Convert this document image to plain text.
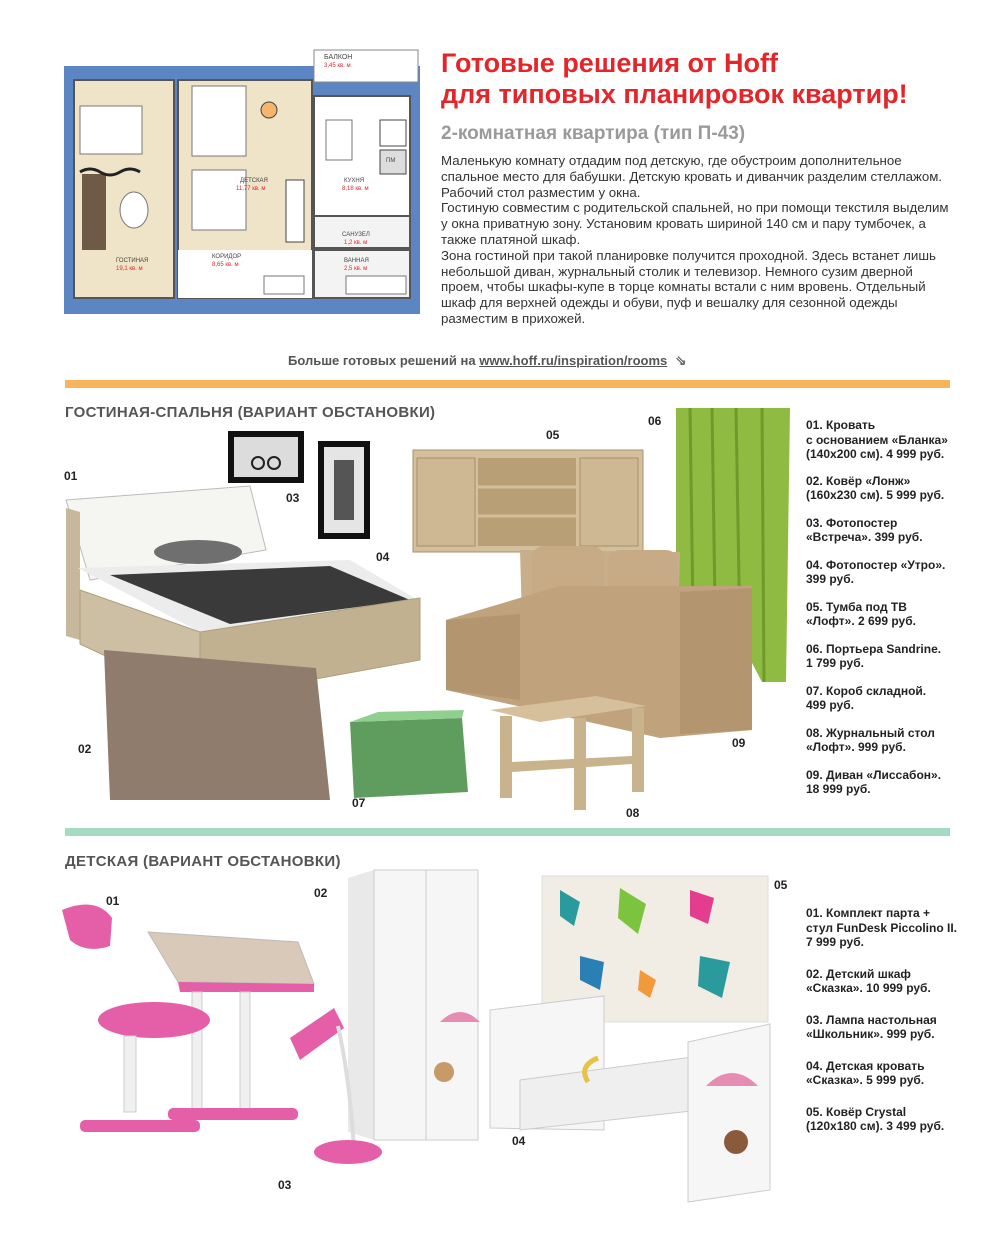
БАЛКОН
3,45 кв. м
ДЕТСКАЯ
11,77 кв. м
КУХНЯ
8,18 кв. м
ПМ
ГОСТИНАЯ
19,1 кв. м
КОРИДОР
8,65 кв. м
САНУЗЕЛ
1,2 кв. м
ВАННАЯ
2,5 кв. м
Готовые решения от Hoff
для типовых планировок квартир!
2-комнатная квартира (тип П-43)

Маленькую комнату отдадим под детскую, где обустроим дополнительное спальное место для бабушки. Детскую кровать и диванчик разделим стеллажом. Рабочий стол разместим у окна.

Гостиную совместим с родительской спальней, но при помощи текстиля выделим у окна приватную зону. Установим кровать шириной 140 см и пару тумбочек, а также платяной шкаф.

Зона гостиной при такой планировке получится проходной. Здесь встанет лишь небольшой диван, журнальный столик и телевизор. Немного сузим дверной проем, чтобы шкафы-купе в торце комнаты встали с ним вровень. Отдельный шкаф для верхней одежды и обуви, пуф и вешалку для сезонной одежды разместим в прихожей.

Больше готовых решений на www.hoff.ru/inspiration/rooms ⇘
ГОСТИНАЯ-СПАЛЬНЯ (ВАРИАНТ ОБСТАНОВКИ)
01
02
03
04
05
06
07
08
09
01. Кровать
с основанием «Бланка»
(140x200 см). 4 999 руб.
02. Ковёр «Лонж»
(160x230 см). 5 999 руб.
03. Фотопостер
«Встреча». 399 руб.
04. Фотопостер «Утро».
399 руб.
05. Тумба под ТВ
«Лофт». 2 699 руб.
06. Портьера Sandrine.
1 799 руб.
07. Короб складной.
499 руб.
08. Журнальный стол
«Лофт». 999 руб.
09. Диван «Лиссабон».
18 999 руб.
ДЕТСКАЯ (ВАРИАНТ ОБСТАНОВКИ)
01
02
03
04
05
01. Комплект парта +
стул FunDesk Piccolino II.
7 999 руб.
02. Детский шкаф
«Сказка». 10 999 руб.
03. Лампа настольная
«Школьник». 999 руб.
04. Детская кровать
«Сказка». 5 999 руб.
05. Ковёр Crystal
(120x180 см). 3 499 руб.
